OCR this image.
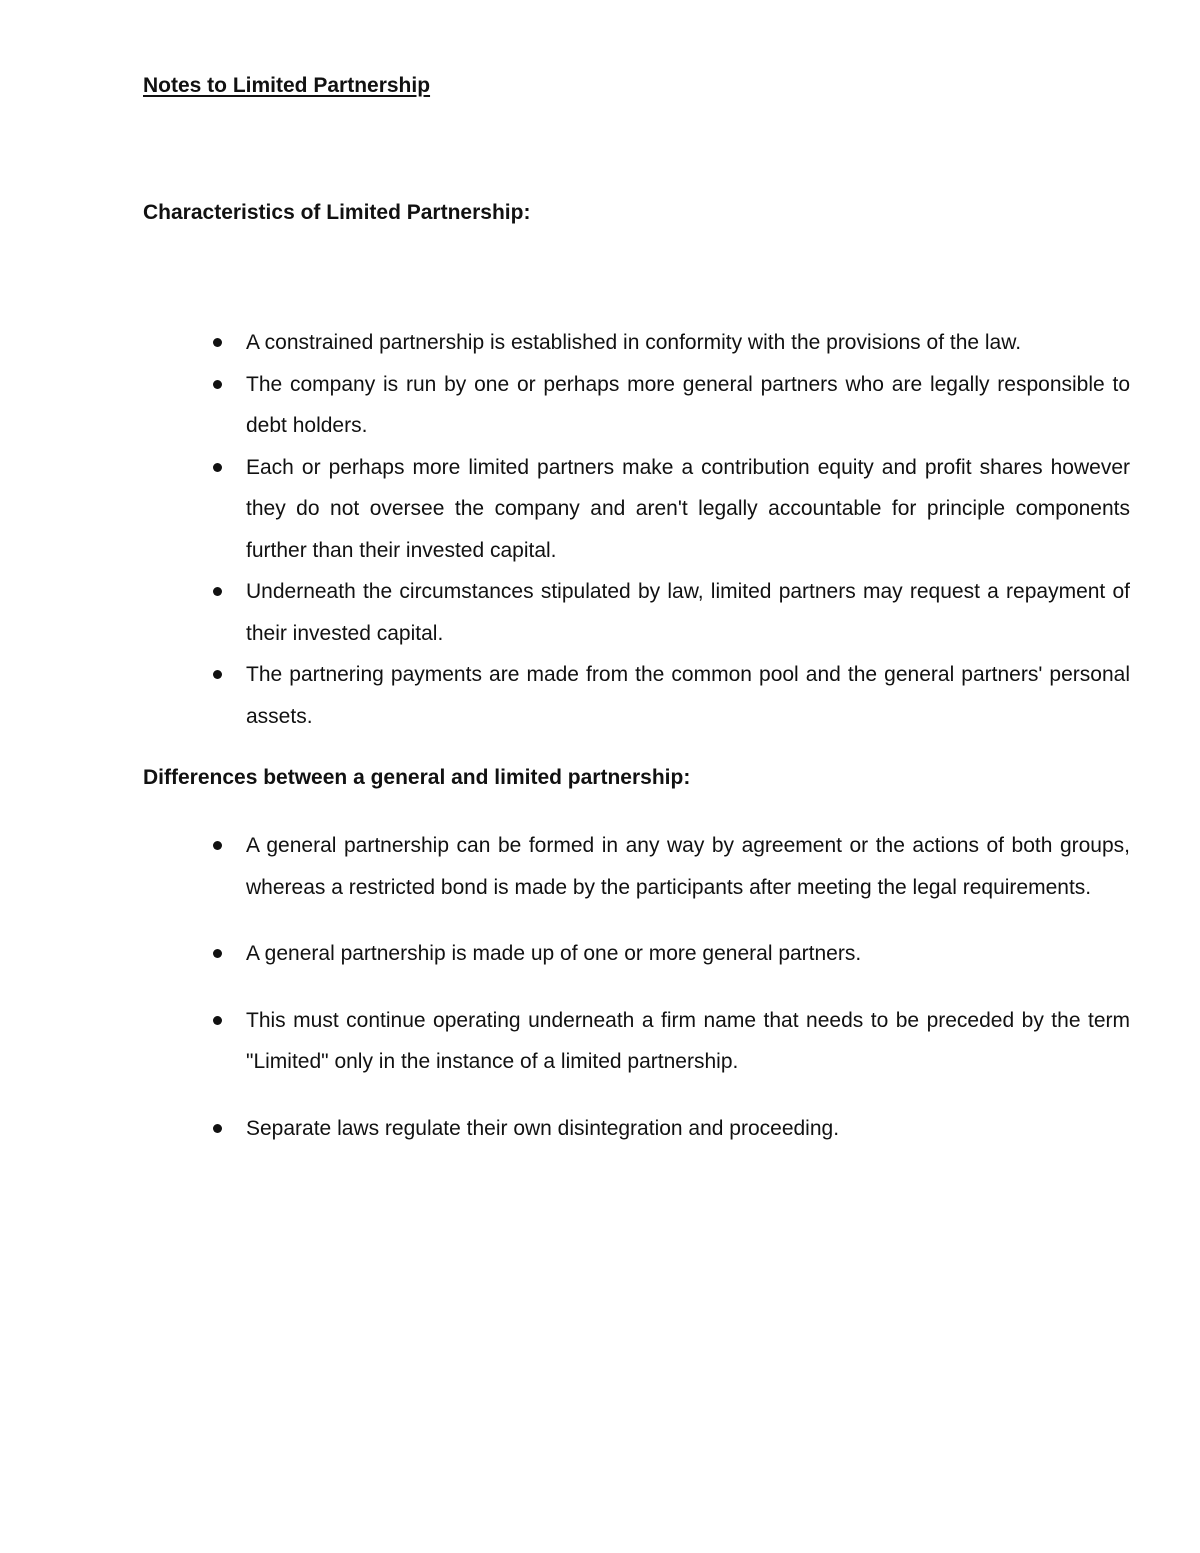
Notes to Limited Partnership
Characteristics of Limited Partnership:
A constrained partnership is established in conformity with the provisions of the law.
The company is run by one or perhaps more general partners who are legally responsible to debt holders.
Each or perhaps more limited partners make a contribution equity and profit shares however they do not oversee the company and aren't legally accountable for principle components further than their invested capital.
Underneath the circumstances stipulated by law, limited partners may request a repayment of their invested capital.
The partnering payments are made from the common pool and the general partners' personal assets.
Differences between a general and limited partnership:
A general partnership can be formed in any way by agreement or the actions of both groups, whereas a restricted bond is made by the participants after meeting the legal requirements.
A general partnership is made up of one or more general partners.
This must continue operating underneath a firm name that needs to be preceded by the term "Limited" only in the instance of a limited partnership.
Separate laws regulate their own disintegration and proceeding.
